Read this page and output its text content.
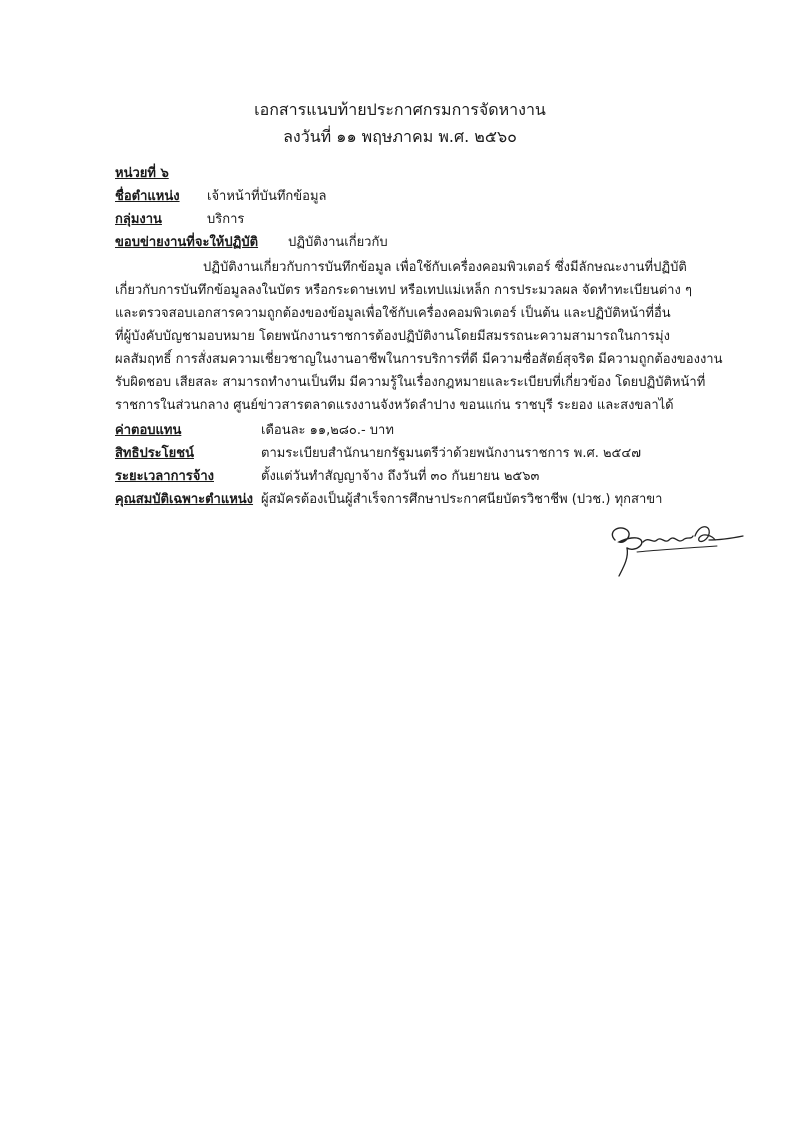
เอกสารแนบท้ายประกาศกรมการจัดหางาน
ลงวันที่ ๑๑ พฤษภาคม พ.ศ. ๒๕๖๐
หน่วยที่ ๖
ชื่อตำแหน่ง	เจ้าหน้าที่บันทึกข้อมูล
กลุ่มงาน	บริการ
ขอบข่ายงานที่จะให้ปฏิบัติ ปฏิบัติงานเกี่ยวกับ
ปฏิบัติงานเกี่ยวกับการบันทึกข้อมูล เพื่อใช้กับเครื่องคอมพิวเตอร์ ซึ่งมีลักษณะงานที่ปฏิบัติ
เกี่ยวกับการบันทึกข้อมูลลงในบัตร หรือกระดาษเทป หรือเทปแม่เหล็ก การประมวลผล จัดทำทะเบียนต่าง ๆ
และตรวจสอบเอกสารความถูกต้องของข้อมูลเพื่อใช้กับเครื่องคอมพิวเตอร์ เป็นต้น และปฏิบัติหน้าที่อื่น
ที่ผู้บังคับบัญชามอบหมาย โดยพนักงานราชการต้องปฏิบัติงานโดยมีสมรรถนะความสามารถในการมุ่ง
ผลสัมฤทธิ์ การสั่งสมความเชี่ยวชาญในงานอาชีพในการบริการที่ดี มีความซื่อสัตย์สุจริต มีความถูกต้องของงาน
รับผิดชอบ เสียสละ สามารถทำงานเป็นทีม มีความรู้ในเรื่องกฎหมายและระเบียบที่เกี่ยวข้อง โดยปฏิบัติหน้าที่
ราชการในส่วนกลาง ศูนย์ข่าวสารตลาดแรงงานจังหวัดลำปาง ขอนแก่น ราชบุรี ระยอง และสงขลาได้
ค่าตอบแทน	เดือนละ ๑๑,๒๘๐.- บาท
สิทธิประโยชน์	ตามระเบียบสำนักนายกรัฐมนตรีว่าด้วยพนักงานราชการ พ.ศ. ๒๕๔๗
ระยะเวลาการจ้าง	ตั้งแต่วันทำสัญญาจ้าง ถึงวันที่ ๓๐ กันยายน ๒๕๖๓
คุณสมบัติเฉพาะตำแหน่ง ผู้สมัครต้องเป็นผู้สำเร็จการศึกษาประกาศนียบัตรวิชาชีพ (ปวช.) ทุกสาขา
